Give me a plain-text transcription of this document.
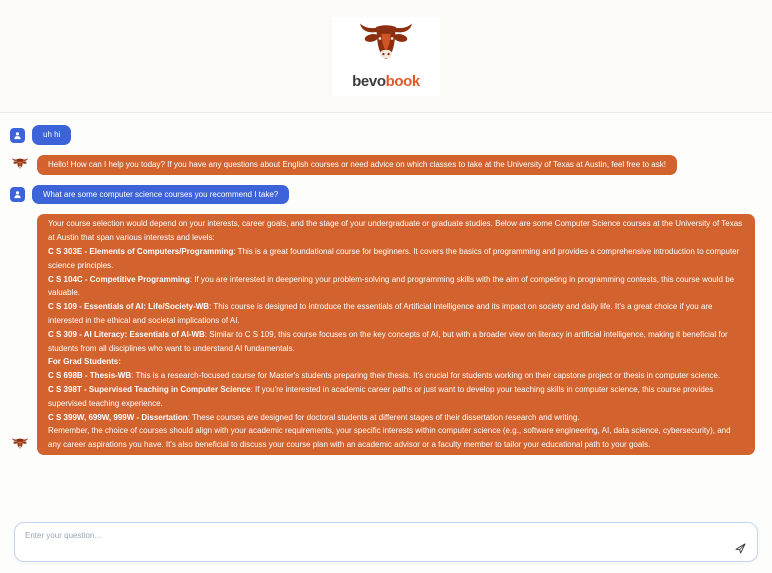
bevobook
uh hi
Hello! How can I help you today? If you have any questions about English courses or need advice on which classes to take at the University of Texas at Austin, feel free to ask!
What are some computer science courses you recommend I take?
Your course selection would depend on your interests, career goals, and the stage of your undergraduate or graduate studies. Below are some Computer Science courses at the University of Texas at Austin that span various interests and levels:
C S 303E - Elements of Computers/Programming: This is a great foundational course for beginners. It covers the basics of programming and provides a comprehensive introduction to computer science principles.
C S 104C - Competitive Programming: If you are interested in deepening your problem-solving and programming skills with the aim of competing in programming contests, this course would be valuable.
C S 109 - Essentials of AI: Life/Society-WB: This course is designed to introduce the essentials of Artificial Intelligence and its impact on society and daily life. It's a great choice if you are interested in the ethical and societal implications of AI.
C S 309 - AI Literacy: Essentials of AI-WB: Similar to C S 109, this course focuses on the key concepts of AI, but with a broader view on literacy in artificial intelligence, making it beneficial for students from all disciplines who want to understand AI fundamentals.
For Grad Students:
C S 698B - Thesis-WB: This is a research-focused course for Master's students preparing their thesis. It's crucial for students working on their capstone project or thesis in computer science.
C S 398T - Supervised Teaching in Computer Science: If you're interested in academic career paths or just want to develop your teaching skills in computer science, this course provides supervised teaching experience.
C S 399W, 699W, 999W - Dissertation: These courses are designed for doctoral students at different stages of their dissertation research and writing.
Remember, the choice of courses should align with your academic requirements, your specific interests within computer science (e.g., software engineering, AI, data science, cybersecurity), and any career aspirations you have. It's also beneficial to discuss your course plan with an academic advisor or a faculty member to tailor your educational path to your goals.
Enter your question...
